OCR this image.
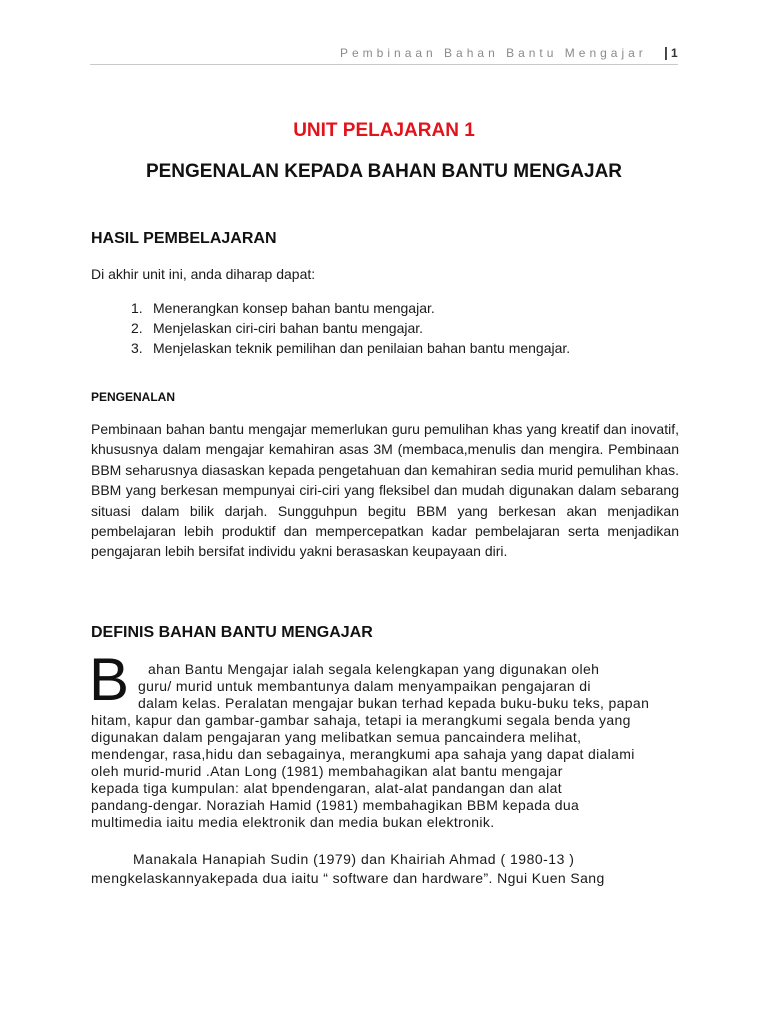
Pembinaan Bahan Bantu Mengajar | 1
UNIT PELAJARAN 1
PENGENALAN KEPADA BAHAN BANTU MENGAJAR
HASIL PEMBELAJARAN
Di akhir unit ini, anda diharap dapat:
1. Menerangkan konsep bahan bantu mengajar.
2. Menjelaskan ciri-ciri bahan bantu mengajar.
3. Menjelaskan teknik pemilihan dan penilaian bahan bantu mengajar.
PENGENALAN

Pembinaan bahan bantu mengajar memerlukan guru pemulihan khas yang kreatif dan inovatif, khususnya dalam mengajar kemahiran asas 3M (membaca,menulis dan mengira. Pembinaan BBM seharusnya diasaskan kepada pengetahuan dan kemahiran sedia murid pemulihan khas. BBM yang berkesan mempunyai ciri-ciri yang fleksibel dan mudah digunakan dalam sebarang situasi dalam bilik darjah. Sungguhpun begitu BBM yang berkesan akan menjadikan pembelajaran lebih produktif dan mempercepatkan kadar pembelajaran serta menjadikan pengajaran lebih bersifat individu yakni berasaskan keupayaan diri.

DEFINIS BAHAN BANTU MENGAJAR
B ahan Bantu Mengajar ialah segala kelengkapan yang digunakan oleh
guru/ murid untuk membantunya dalam menyampaikan pengajaran di
dalam kelas. Peralatan mengajar bukan terhad kepada buku-buku teks, papan
hitam, kapur dan gambar-gambar sahaja, tetapi ia merangkumi segala benda yang
digunakan dalam pengajaran yang melibatkan semua pancaindera melihat,
mendengar, rasa,hidu dan sebagainya, merangkumi apa sahaja yang dapat dialami
oleh murid-murid .Atan Long (1981) membahagikan alat bantu mengajar
kepada tiga kumpulan: alat bpendengaran, alat-alat pandangan dan alat
pandang-dengar. Noraziah Hamid (1981) membahagikan BBM kepada dua
multimedia iaitu media elektronik dan media bukan elektronik.
Manakala Hanapiah Sudin (1979) dan Khairiah Ahmad ( 1980-13 )
mengkelaskannyakepada dua iaitu “ software dan hardware”. Ngui Kuen Sang
